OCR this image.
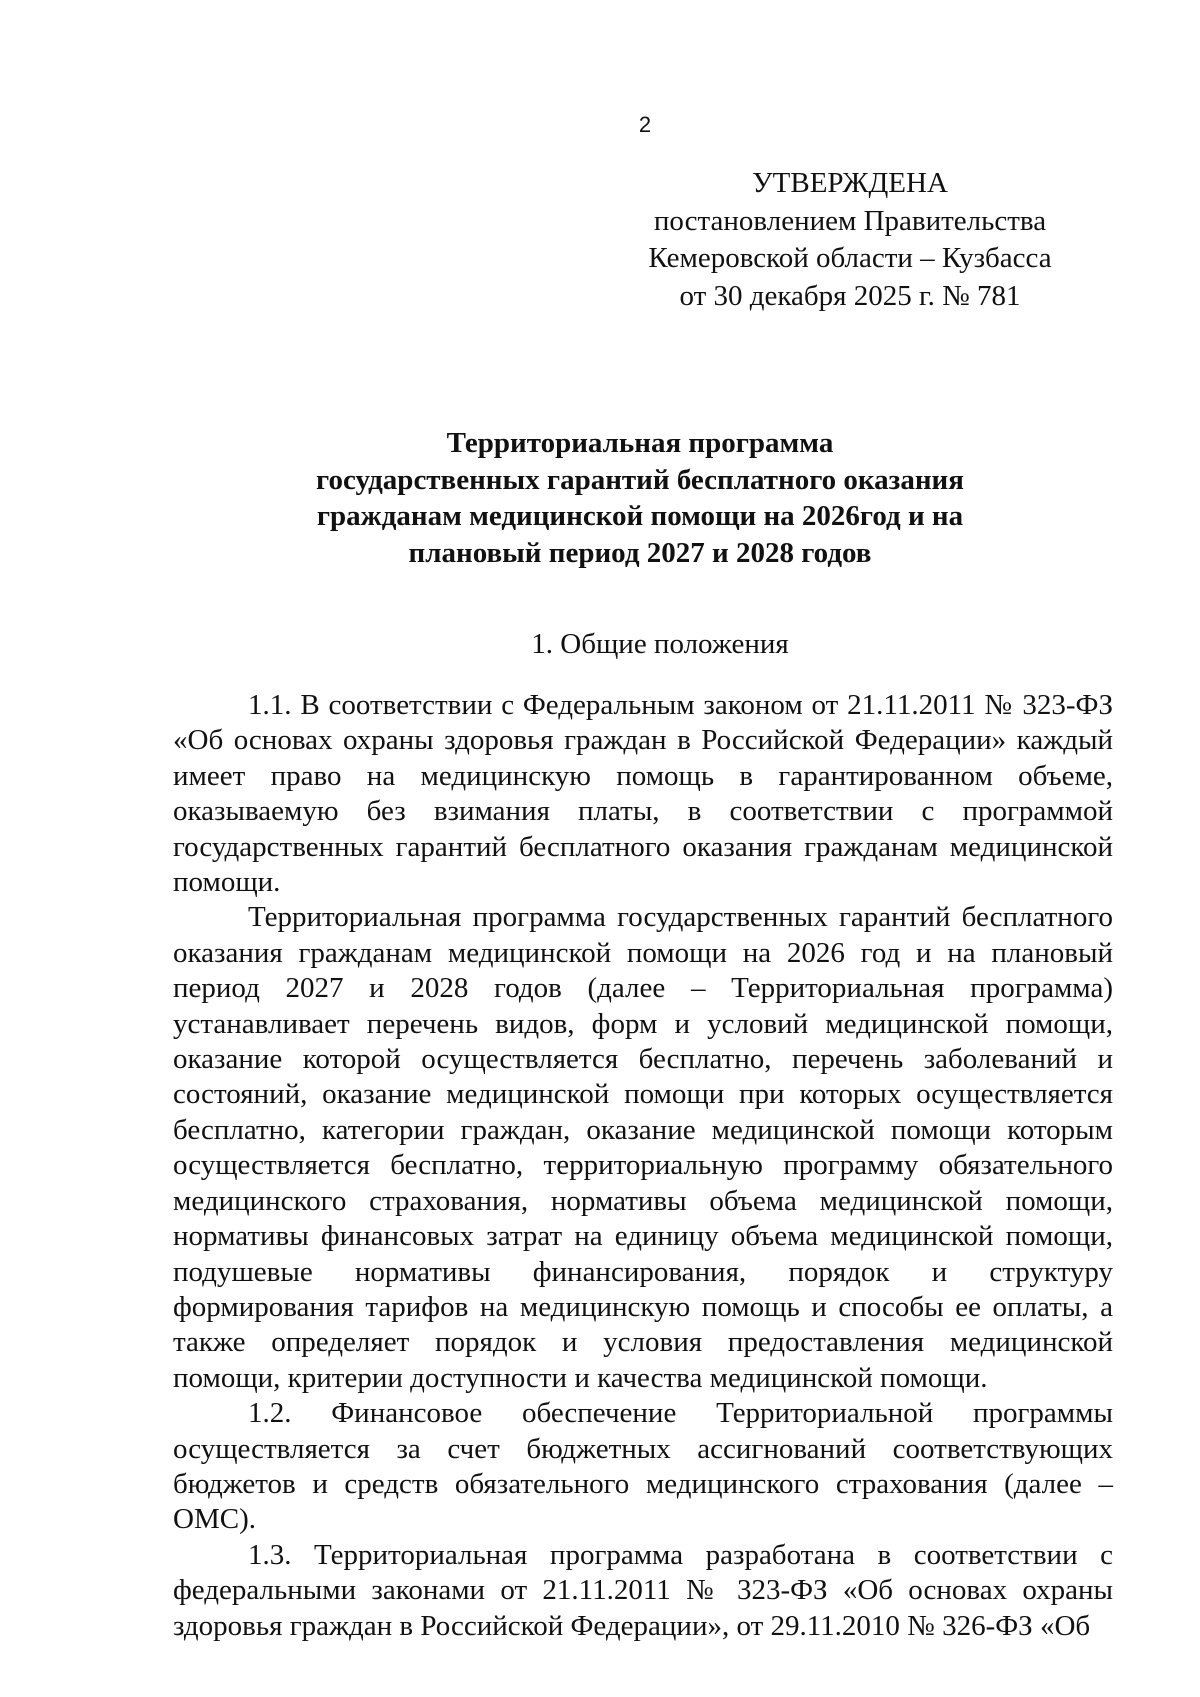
2
УТВЕРЖДЕНА
постановлением Правительства
Кемеровской области – Кузбасса
от 30 декабря 2025 г. № 781
Территориальная программа
государственных гарантий бесплатного оказания
гражданам медицинской помощи на 2026год и на
плановый период 2027 и 2028 годов
1. Общие положения

1.1. В соответствии с Федеральным законом от 21.11.2011 № 323-ФЗ «Об основах охраны здоровья граждан в Российской Федерации» каждый имеет право на медицинскую помощь в гарантированном объеме, оказываемую без взимания платы, в соответствии с программой государственных гарантий бесплатного оказания гражданам медицинской помощи.

Территориальная программа государственных гарантий бесплатного оказания гражданам медицинской помощи на 2026 год и на плановый период 2027 и 2028 годов (далее – Территориальная программа) устанавливает перечень видов, форм и условий медицинской помощи, оказание которой осуществляется бесплатно, перечень заболеваний и состояний, оказание медицинской помощи при которых осуществляется бесплатно, категории граждан, оказание медицинской помощи которым осуществляется бесплатно, территориальную программу обязательного медицинского страхования, нормативы объема медицинской помощи, нормативы финансовых затрат на единицу объема медицинской помощи, подушевые нормативы финансирования, порядок и структуру формирования тарифов на медицинскую помощь и способы ее оплаты, а также определяет порядок и условия предоставления медицинской помощи, критерии доступности и качества медицинской помощи.

1.2. Финансовое обеспечение Территориальной программы осуществляется за счет бюджетных ассигнований соответствующих бюджетов и средств обязательного медицинского страхования (далее – ОМС).

1.3. Территориальная программа разработана в соответствии с федеральными законами от 21.11.2011 № 323-ФЗ «Об основах охраны здоровья граждан в Российской Федерации», от 29.11.2010 № 326-ФЗ «Об
